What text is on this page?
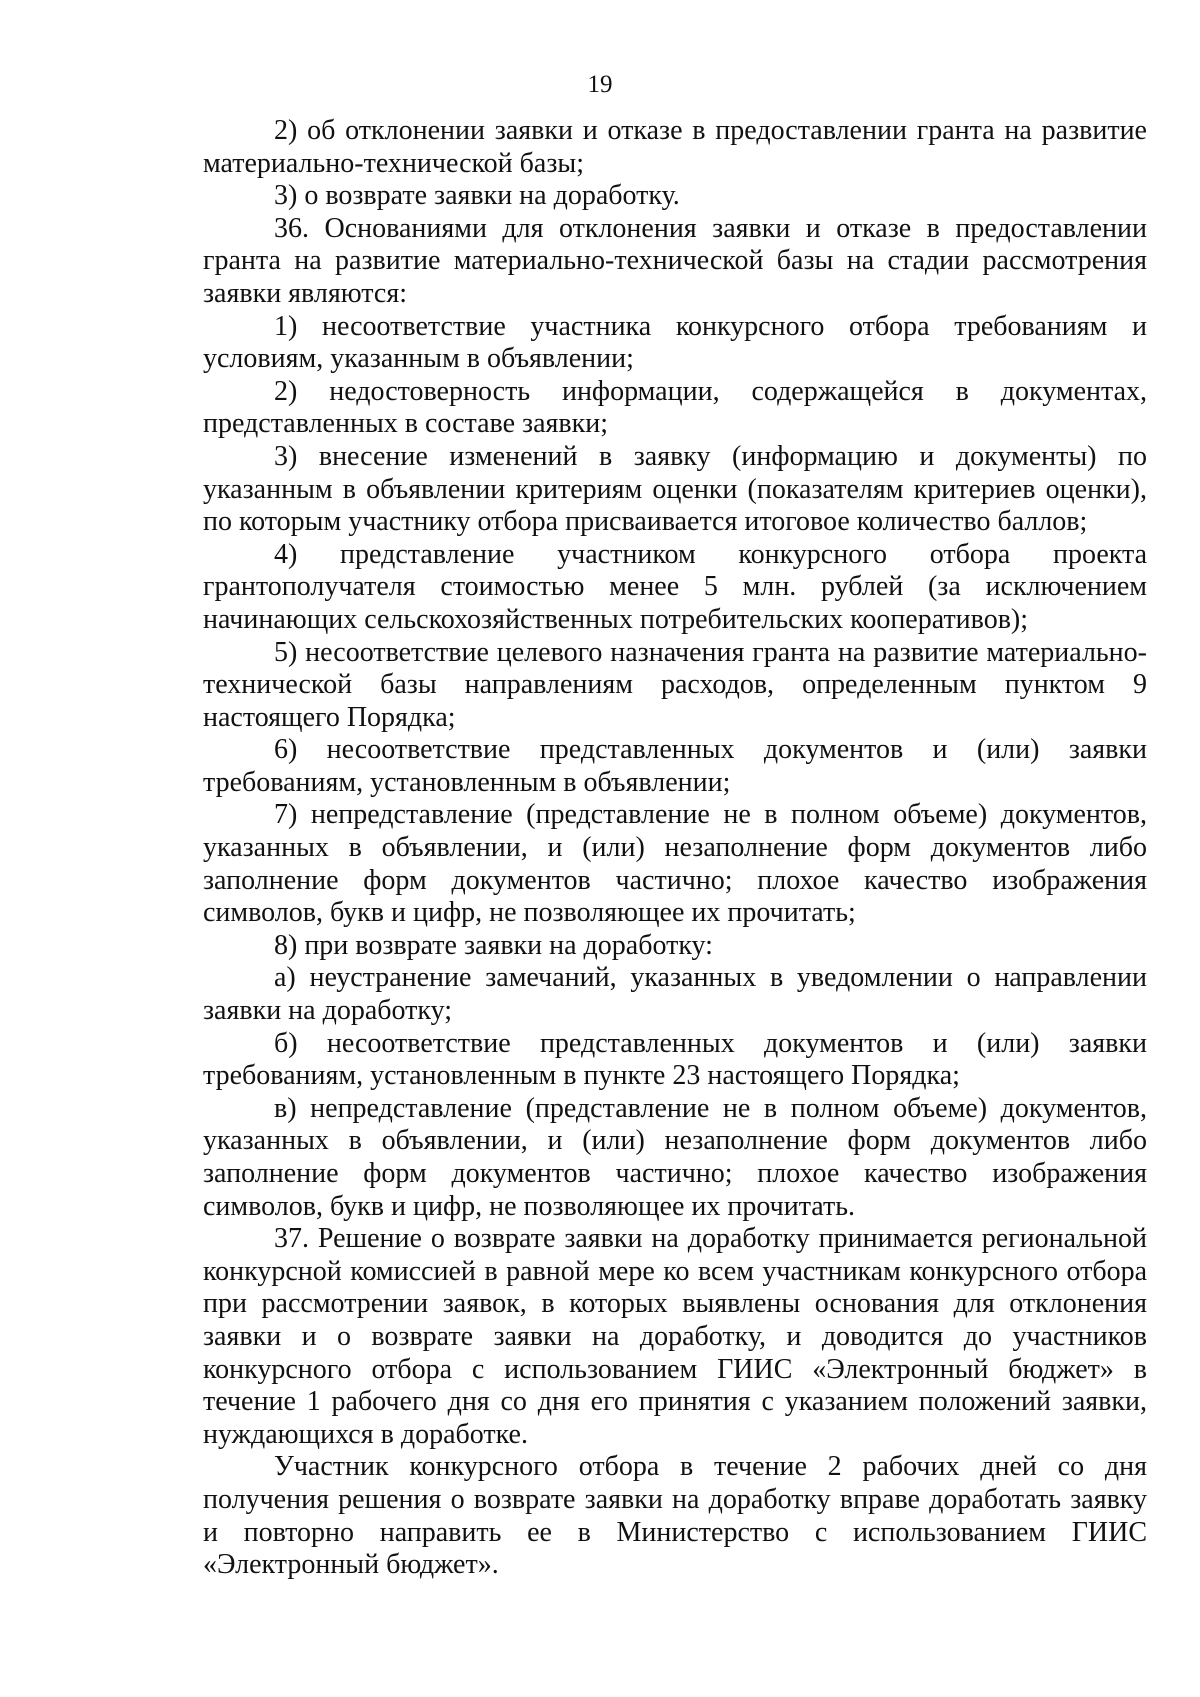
19

2) об отклонении заявки и отказе в предоставлении гранта на развитие материально-технической базы;

3) о возврате заявки на доработку.

36. Основаниями для отклонения заявки и отказе в предоставлении гранта на развитие материально-технической базы на стадии рассмотрения заявки являются:

1) несоответствие участника конкурсного отбора требованиям и условиям, указанным в объявлении;

2) недостоверность информации, содержащейся в документах, представленных в составе заявки;

3) внесение изменений в заявку (информацию и документы) по указанным в объявлении критериям оценки (показателям критериев оценки), по которым участнику отбора присваивается итоговое количество баллов;

4) представление участником конкурсного отбора проекта грантополучателя стоимостью менее 5 млн. рублей (за исключением начинающих сельскохозяйственных потребительских кооперативов);

5) несоответствие целевого назначения гранта на развитие материально-технической базы направлениям расходов, определенным пунктом 9 настоящего Порядка;

6) несоответствие представленных документов и (или) заявки требованиям, установленным в объявлении;

7) непредставление (представление не в полном объеме) документов, указанных в объявлении, и (или) незаполнение форм документов либо заполнение форм документов частично; плохое качество изображения символов, букв и цифр, не позволяющее их прочитать;

8) при возврате заявки на доработку:

а) неустранение замечаний, указанных в уведомлении о направлении заявки на доработку;

б) несоответствие представленных документов и (или) заявки требованиям, установленным в пункте 23 настоящего Порядка;

в) непредставление (представление не в полном объеме) документов, указанных в объявлении, и (или) незаполнение форм документов либо заполнение форм документов частично; плохое качество изображения символов, букв и цифр, не позволяющее их прочитать.

37. Решение о возврате заявки на доработку принимается региональной конкурсной комиссией в равной мере ко всем участникам конкурсного отбора при рассмотрении заявок, в которых выявлены основания для отклонения заявки и о возврате заявки на доработку, и доводится до участников конкурсного отбора с использованием ГИИС «Электронный бюджет» в течение 1 рабочего дня со дня его принятия с указанием положений заявки, нуждающихся в доработке.

Участник конкурсного отбора в течение 2 рабочих дней со дня получения решения о возврате заявки на доработку вправе доработать заявку и повторно направить ее в Министерство с использованием ГИИС «Электронный бюджет».
